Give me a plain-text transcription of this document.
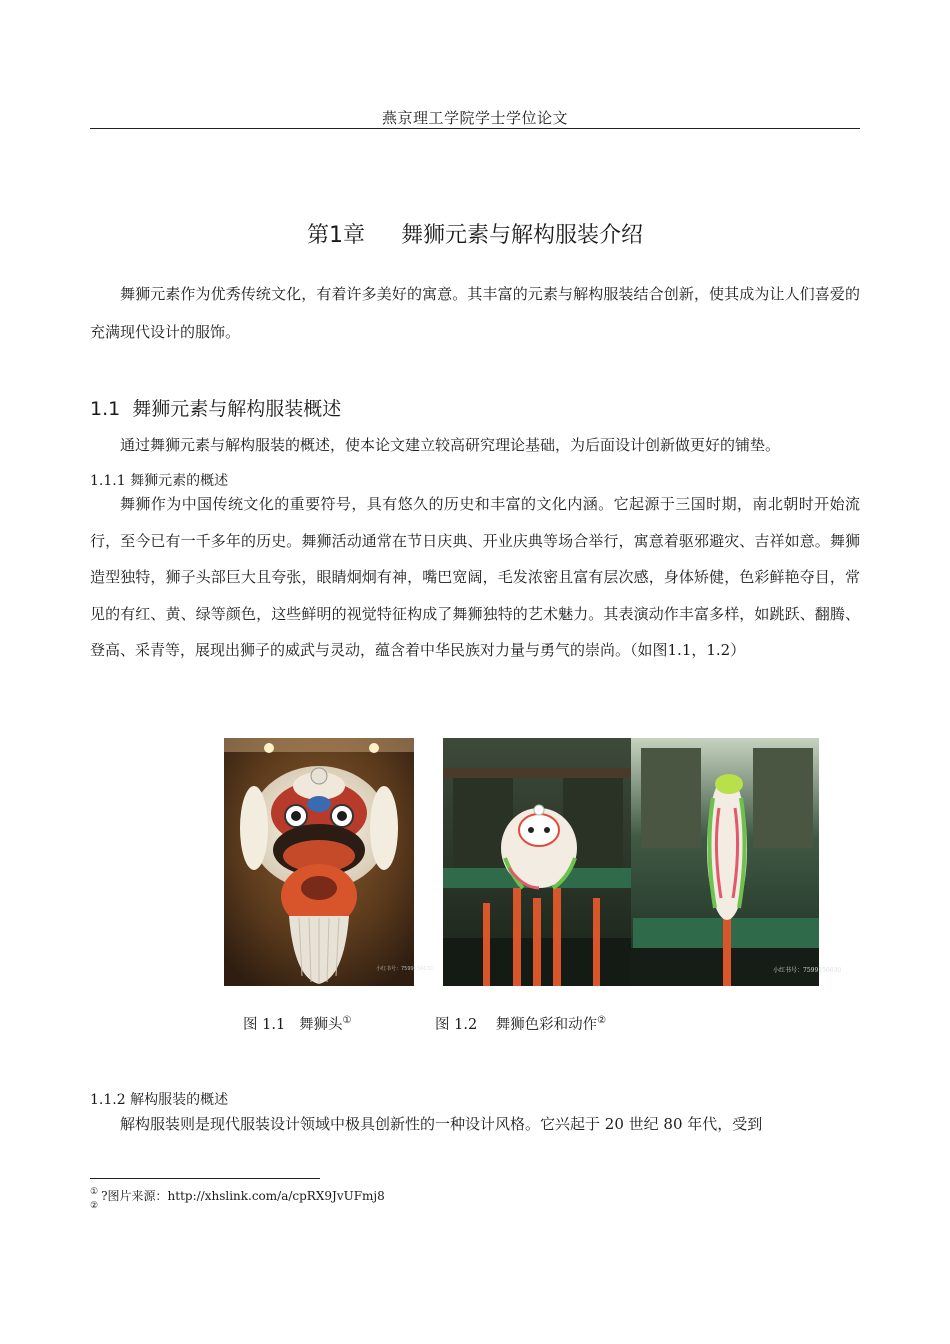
燕京理工学院学士学位论文
第1章 舞狮元素与解构服装介绍
舞狮元素作为优秀传统文化，有着许多美好的寓意。其丰富的元素与解构服装结合创新，使其成为让人们喜爱的充满现代设计的服饰。
1.1 舞狮元素与解构服装概述
通过舞狮元素与解构服装的概述，使本论文建立较高研究理论基础，为后面设计创新做更好的铺垫。
1.1.1 舞狮元素的概述
舞狮作为中国传统文化的重要符号，具有悠久的历史和丰富的文化内涵。它起源于三国时期，南北朝时开始流行，至今已有一千多年的历史。舞狮活动通常在节日庆典、开业庆典等场合举行，寓意着驱邪避灾、吉祥如意。舞狮造型独特，狮子头部巨大且夸张，眼睛炯炯有神，嘴巴宽阔，毛发浓密且富有层次感，身体矫健，色彩鲜艳夺目，常见的有红、黄、绿等颜色，这些鲜明的视觉特征构成了舞狮独特的艺术魅力。其表演动作丰富多样，如跳跃、翻腾、登高、采青等，展现出狮子的威武与灵动，蕴含着中华民族对力量与勇气的崇尚。（如图1.1，1.2）
小红书号：7599156630	小红书号：7599156630
图 1.1 舞狮头①	图 1.2 舞狮色彩和动作②
1.1.2 解构服装的概述
解构服装则是现代服装设计领域中极具创新性的一种设计风格。它兴起于 20 世纪 80 年代，受到
① ?图片来源：http://xhslink.com/a/cpRX9JvUFmj8
②
